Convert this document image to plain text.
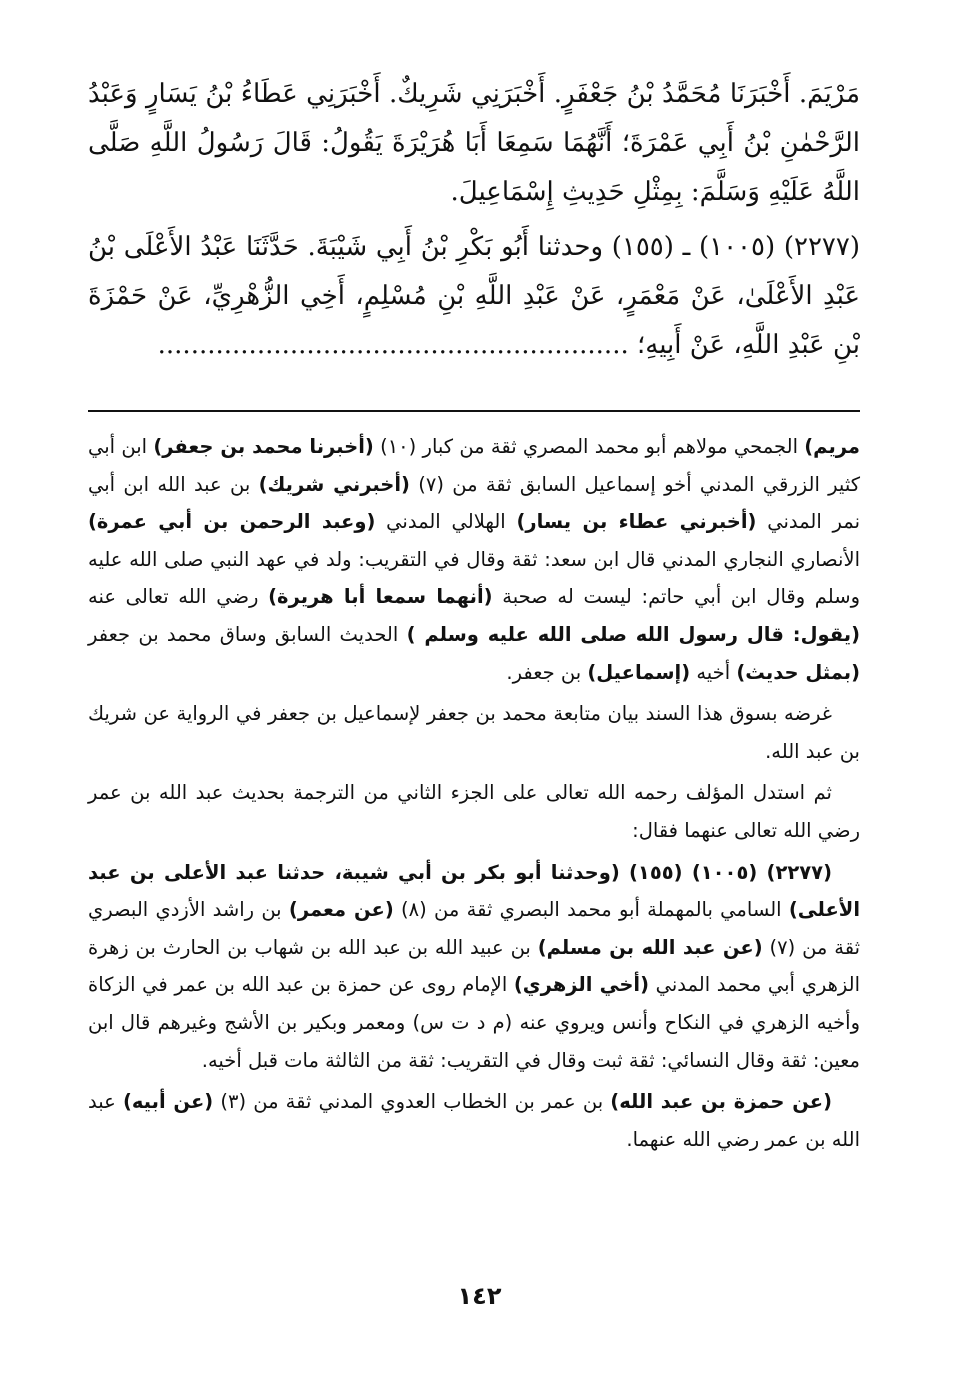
مَرْيَمَ. أَخْبَرَنَا مُحَمَّدُ بْنُ جَعْفَرٍ. أَخْبَرَنِي شَرِيكٌ. أَخْبَرَنِي عَطَاءُ بْنُ يَسَارٍ وَعَبْدُ الرَّحْمٰنِ بْنُ أَبِي عَمْرَةَ؛ أَنَّهُمَا سَمِعَا أَبَا هُرَيْرَةَ يَقُولُ: قَالَ رَسُولُ اللَّهِ صَلَّى اللَّهُ عَلَيْهِ وَسَلَّمَ: بِمِثْلِ حَدِيثِ إِسْمَاعِيلَ.

(٢٢٧٧) (١٠٠٥) ـ (١٥٥) وحدثنا أَبُو بَكْرِ بْنُ أَبِي شَيْبَةَ. حَدَّثَنَا عَبْدُ الأَعْلَى بْنُ عَبْدِ الأَعْلَىٰ، عَنْ مَعْمَرٍ، عَنْ عَبْدِ اللَّهِ بْنِ مُسْلِمٍ، أَخِي الزُّهْرِيِّ، عَنْ حَمْزَةَ بْنِ عَبْدِ اللَّهِ، عَنْ أَبِيهِ؛ .........................................................

مريم) الجمحي مولاهم أبو محمد المصري ثقة من كبار (١٠) (أخبرنا محمد بن جعفر) ابن أبي كثير الزرقي المدني أخو إسماعيل السابق ثقة من (٧) (أخبرني شريك) بن عبد الله ابن أبي نمر المدني (أخبرني عطاء بن يسار) الهلالي المدني (وعبد الرحمن بن أبي عمرة) الأنصاري النجاري المدني قال ابن سعد: ثقة وقال في التقريب: ولد في عهد النبي صلى الله عليه وسلم وقال ابن أبي حاتم: ليست له صحبة (أنهما سمعا أبا هريرة) رضي الله تعالى عنه (يقول: قال رسول الله صلى الله عليه وسلم ) الحديث السابق وساق محمد بن جعفر (بمثل حديث) أخيه (إسماعيل) بن جعفر.

غرضه بسوق هذا السند بيان متابعة محمد بن جعفر لإسماعيل بن جعفر في الرواية عن شريك بن عبد الله.

ثم استدل المؤلف رحمه الله تعالى على الجزء الثاني من الترجمة بحديث عبد الله بن عمر رضي الله تعالى عنهما فقال:

(٢٢٧٧) (١٠٠٥) (١٥٥) (وحدثنا أبو بكر بن أبي شيبة، حدثنا عبد الأعلى بن عبد الأعلى) السامي بالمهملة أبو محمد البصري ثقة من (٨) (عن معمر) بن راشد الأزدي البصري ثقة من (٧) (عن عبد الله بن مسلم) بن عبيد الله بن عبد الله بن شهاب بن الحارث بن زهرة الزهري أبي محمد المدني (أخي الزهري) الإمام روى عن حمزة بن عبد الله بن عمر في الزكاة وأخيه الزهري في النكاح وأنس ويروي عنه (م د ت س) ومعمر وبكير بن الأشج وغيرهم قال ابن معين: ثقة وقال النسائي: ثقة ثبت وقال في التقريب: ثقة من الثالثة مات قبل أخيه.

(عن حمزة بن عبد الله) بن عمر بن الخطاب العدوي المدني ثقة من (٣) (عن أبيه) عبد الله بن عمر رضي الله عنهما.

١٤٢
